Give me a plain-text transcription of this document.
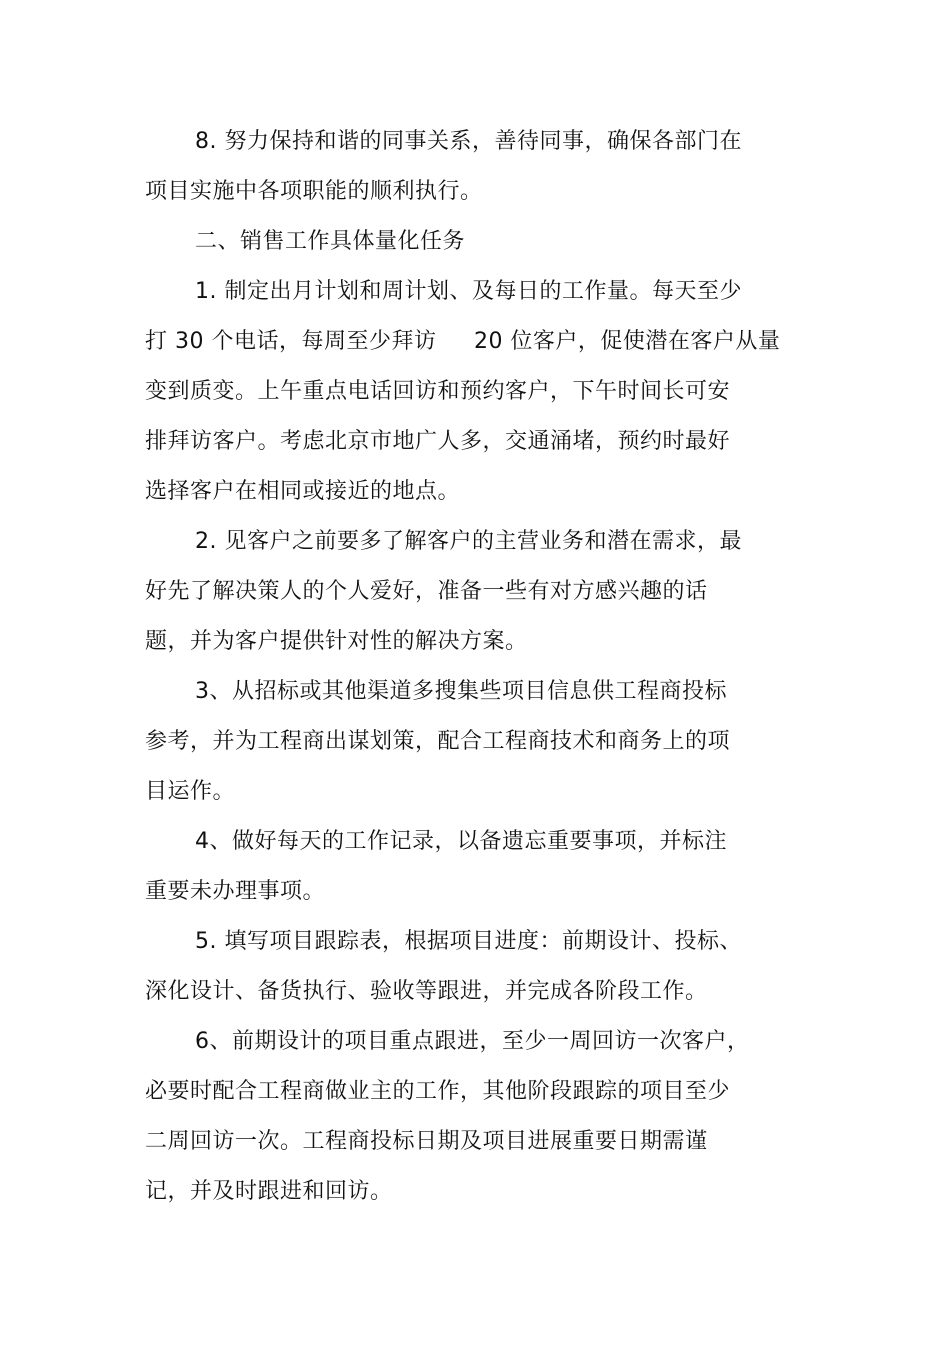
8. 努力保持和谐的同事关系，善待同事，确保各部门在
项目实施中各项职能的顺利执行。
二、销售工作具体量化任务
1. 制定出月计划和周计划、及每日的工作量。每天至少
打 30 个电话，每周至少拜访     20 位客户，促使潜在客户从量
变到质变。上午重点电话回访和预约客户，下午时间长可安
排拜访客户。考虑北京市地广人多，交通涌堵，预约时最好
选择客户在相同或接近的地点。
2. 见客户之前要多了解客户的主营业务和潜在需求，最
好先了解决策人的个人爱好，准备一些有对方感兴趣的话
题，并为客户提供针对性的解决方案。
3、从招标或其他渠道多搜集些项目信息供工程商投标
参考，并为工程商出谋划策，配合工程商技术和商务上的项
目运作。
4、做好每天的工作记录，以备遗忘重要事项，并标注
重要未办理事项。
5. 填写项目跟踪表，根据项目进度：前期设计、投标、
深化设计、备货执行、验收等跟进，并完成各阶段工作。
6、前期设计的项目重点跟进，至少一周回访一次客户，
必要时配合工程商做业主的工作，其他阶段跟踪的项目至少
二周回访一次。工程商投标日期及项目进展重要日期需谨
记，并及时跟进和回访。
